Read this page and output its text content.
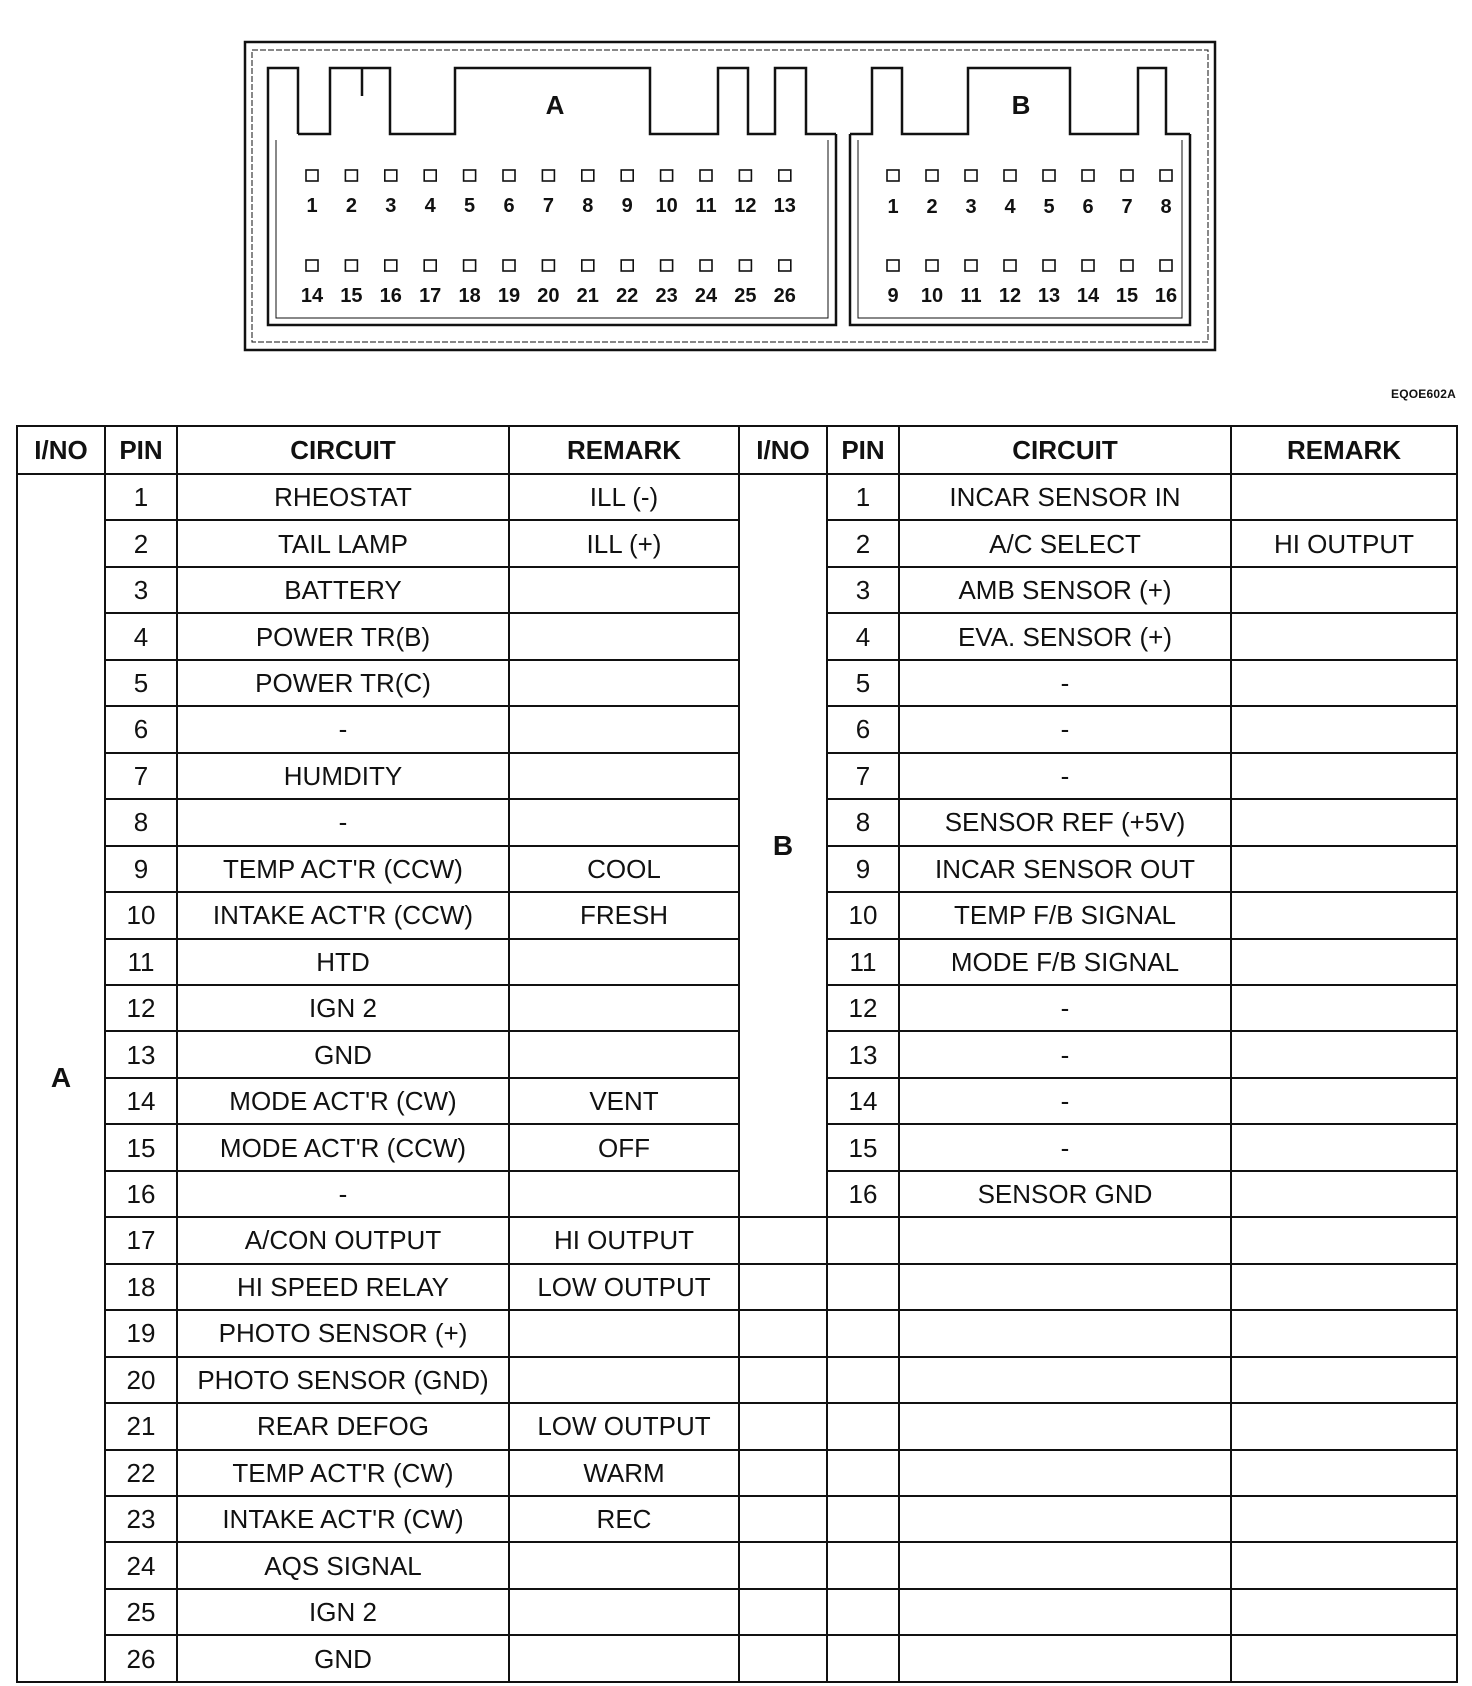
1 2 3 4 5 6 7 8 9 10 11 12 13
14 15 16 17 18 19 20 21 22 23 24 25 26
1 2 3 4 5 6 7 8
9 10 11 12 13 14 15 16
A	B
EQOE602A
I/NO	PIN	CIRCUIT	REMARK	I/NO	PIN	CIRCUIT	REMARK
A	1	RHEOSTAT	ILL (-)	B	1	INCAR SENSOR IN	
	2	TAIL LAMP	ILL (+)		2	A/C SELECT	HI OUTPUT
	3	BATTERY			3	AMB SENSOR (+)	
	4	POWER TR(B)			4	EVA. SENSOR (+)	
	5	POWER TR(C)			5	-	
	6	-			6	-	
	7	HUMDITY			7	-	
	8	-			8	SENSOR REF (+5V)	
	9	TEMP ACT'R (CCW)	COOL		9	INCAR SENSOR OUT	
	10	INTAKE ACT'R (CCW)	FRESH		10	TEMP F/B SIGNAL	
	11	HTD			11	MODE F/B SIGNAL	
	12	IGN 2			12	-	
	13	GND			13	-	
	14	MODE ACT'R (CW)	VENT		14	-	
	15	MODE ACT'R (CCW)	OFF		15	-	
	16	-			16	SENSOR GND	
	17	A/CON OUTPUT	HI OUTPUT				
	18	HI SPEED RELAY	LOW OUTPUT				
	19	PHOTO SENSOR (+)					
	20	PHOTO SENSOR (GND)					
	21	REAR DEFOG	LOW OUTPUT				
	22	TEMP ACT'R (CW)	WARM				
	23	INTAKE ACT'R (CW)	REC				
	24	AQS SIGNAL					
	25	IGN 2					
	26	GND					
